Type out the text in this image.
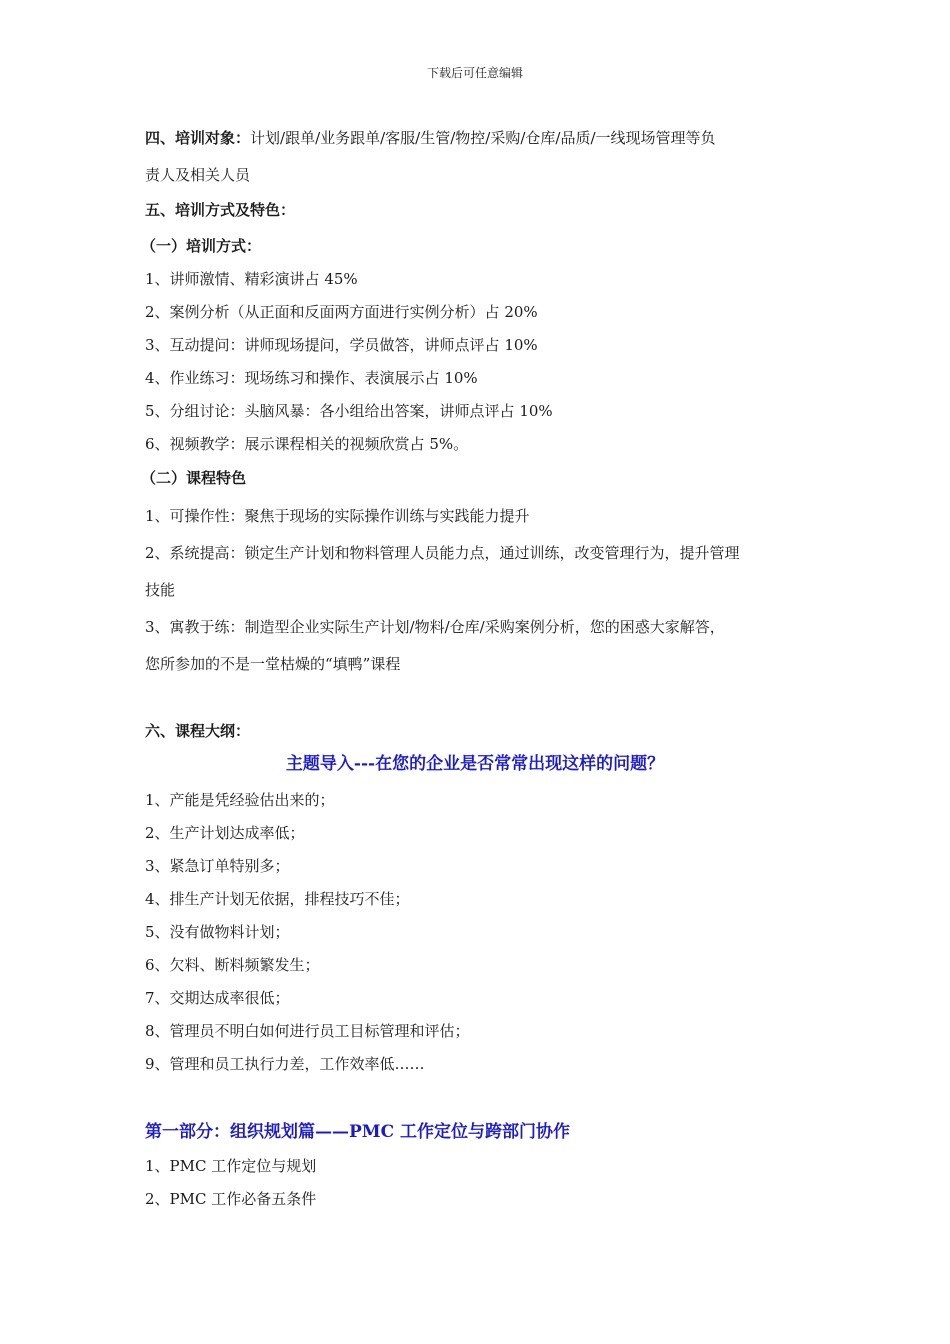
下载后可任意编辑
四、培训对象：计划/跟单/业务跟单/客服/生管/物控/采购/仓库/品质/一线现场管理等负
责人及相关人员
五、培训方式及特色：
（一）培训方式：
1、讲师激情、精彩演讲占 45%
2、案例分析（从正面和反面两方面进行实例分析）占 20%
3、互动提问：讲师现场提问，学员做答，讲师点评占 10%
4、作业练习：现场练习和操作、表演展示占 10%
5、分组讨论：头脑风暴：各小组给出答案，讲师点评占 10%
6、视频教学：展示课程相关的视频欣赏占 5%。
（二）课程特色
1、可操作性：聚焦于现场的实际操作训练与实践能力提升
2、系统提高：锁定生产计划和物料管理人员能力点，通过训练，改变管理行为，提升管理
技能
3、寓教于练：制造型企业实际生产计划/物料/仓库/采购案例分析，您的困惑大家解答，
您所参加的不是一堂枯燥的“填鸭”课程
六、课程大纲：
主题导入---在您的企业是否常常出现这样的问题？
1、产能是凭经验估出来的；
2、生产计划达成率低；
3、紧急订单特别多；
4、排生产计划无依据，排程技巧不佳；
5、没有做物料计划；
6、欠料、断料频繁发生；
7、交期达成率很低；
8、管理员不明白如何进行员工目标管理和评估；
9、管理和员工执行力差，工作效率低……
第一部分：组织规划篇——PMC 工作定位与跨部门协作
1、PMC 工作定位与规划
2、PMC 工作必备五条件
